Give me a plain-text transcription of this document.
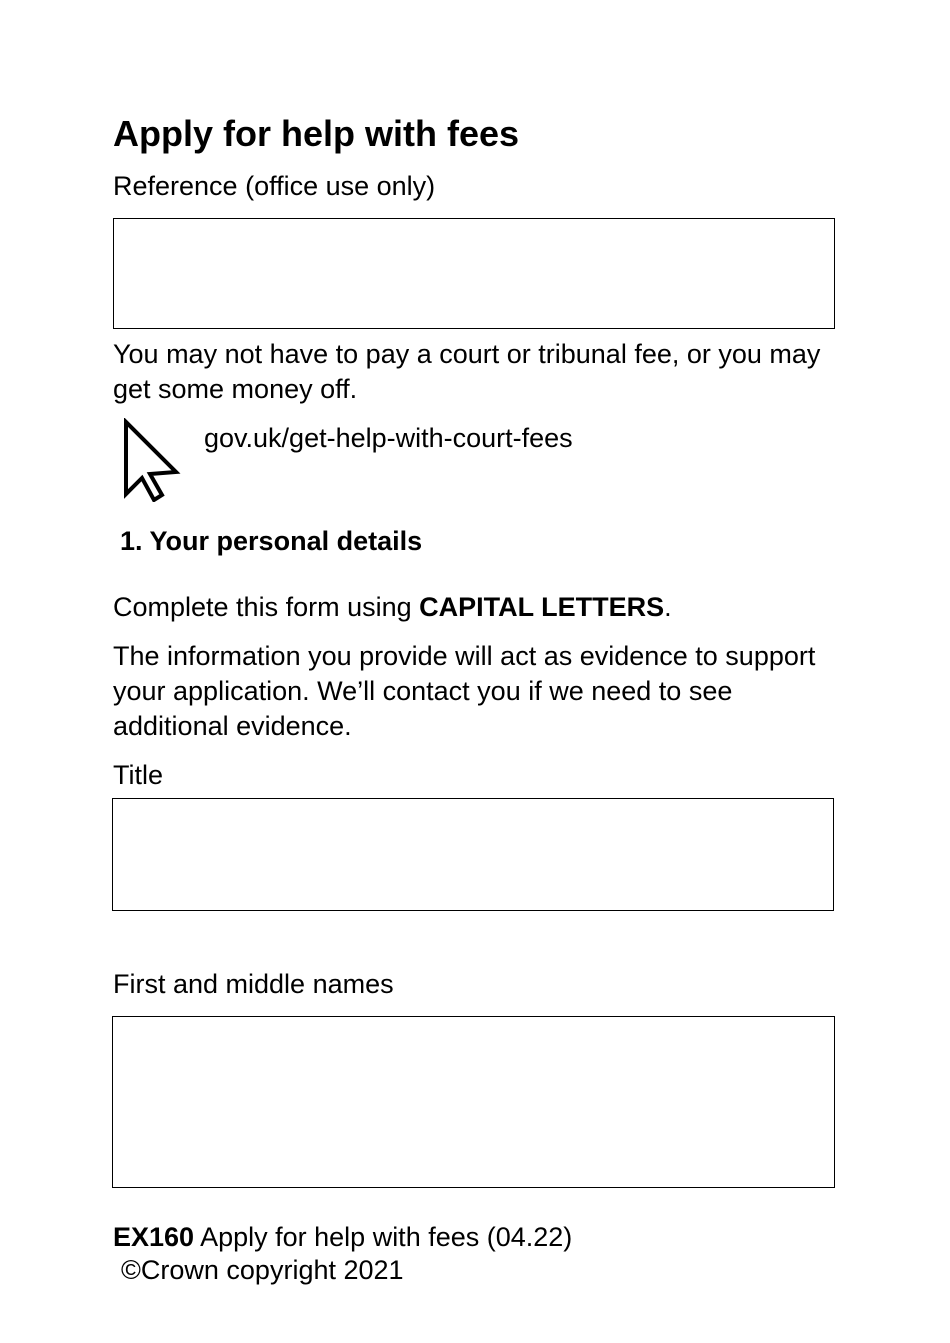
Apply for help with fees
Reference (office use only)
You may not have to pay a court or tribunal fee, or you may get some money off.
gov.uk/get-help-with-court-fees
1. Your personal details
Complete this form using CAPITAL LETTERS.
The information you provide will act as evidence to support your application. We’ll contact you if we need to see additional evidence.
Title
First and middle names
EX160 Apply for help with fees (04.22)
©Crown copyright 2021
